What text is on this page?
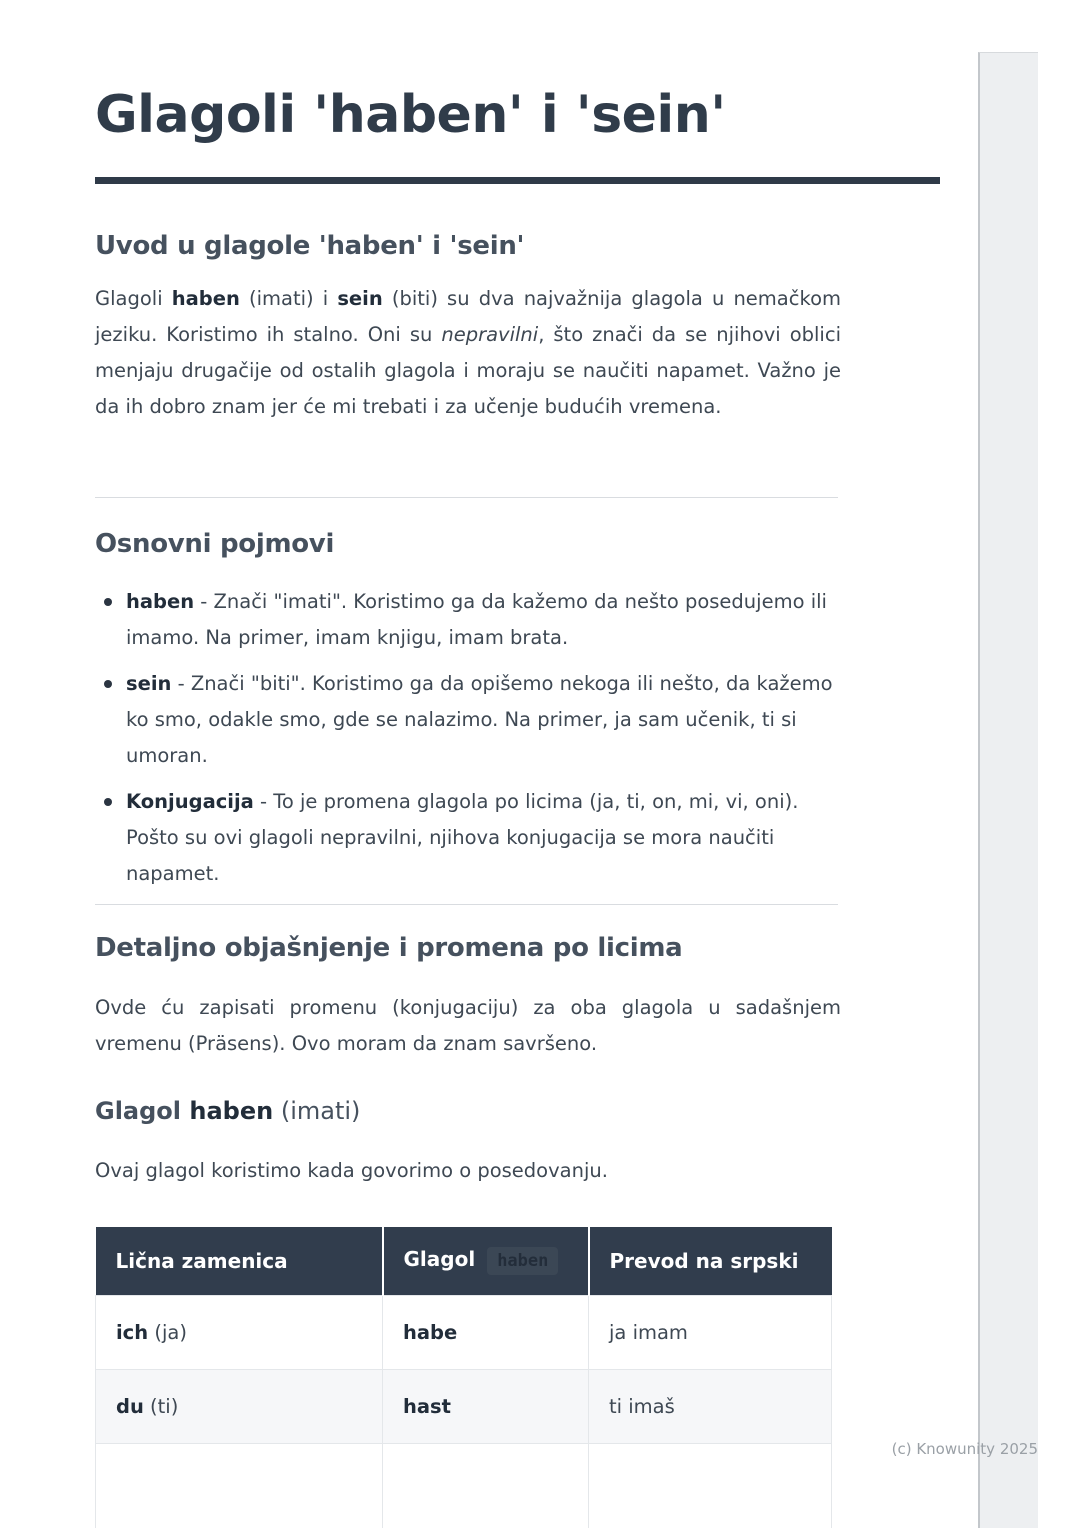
Glagoli 'haben' i 'sein'
Uvod u glagole 'haben' i 'sein'

Glagoli haben (imati) i sein (biti) su dva najvažnija glagola u nemačkom jeziku. Koristimo ih stalno. Oni su nepravilni, što znači da se njihovi oblici menjaju drugačije od ostalih glagola i moraju se naučiti napamet. Važno je da ih dobro znam jer će mi trebati i za učenje budućih vremena.

Osnovni pojmovi
haben - Znači "imati". Koristimo ga da kažemo da nešto posedujemo ili imamo. Na primer, imam knjigu, imam brata.
sein - Znači "biti". Koristimo ga da opišemo nekoga ili nešto, da kažemo ko smo, odakle smo, gde se nalazimo. Na primer, ja sam učenik, ti si umoran.
Konjugacija - To je promena glagola po licima (ja, ti, on, mi, vi, oni). Pošto su ovi glagoli nepravilni, njihova konjugacija se mora naučiti napamet.
Detaljno objašnjenje i promena po licima

Ovde ću zapisati promenu (konjugaciju) za oba glagola u sadašnjem vremenu (Präsens). Ovo moram da znam savršeno.

Glagol haben (imati)

Ovaj glagol koristimo kada govorimo o posedovanju.

Lična zamenica	Glagol haben	Prevod na srpski
ich (ja)	habe	ja imam
du (ti)	hast	ti imaš

(c) Knowunity 2025
